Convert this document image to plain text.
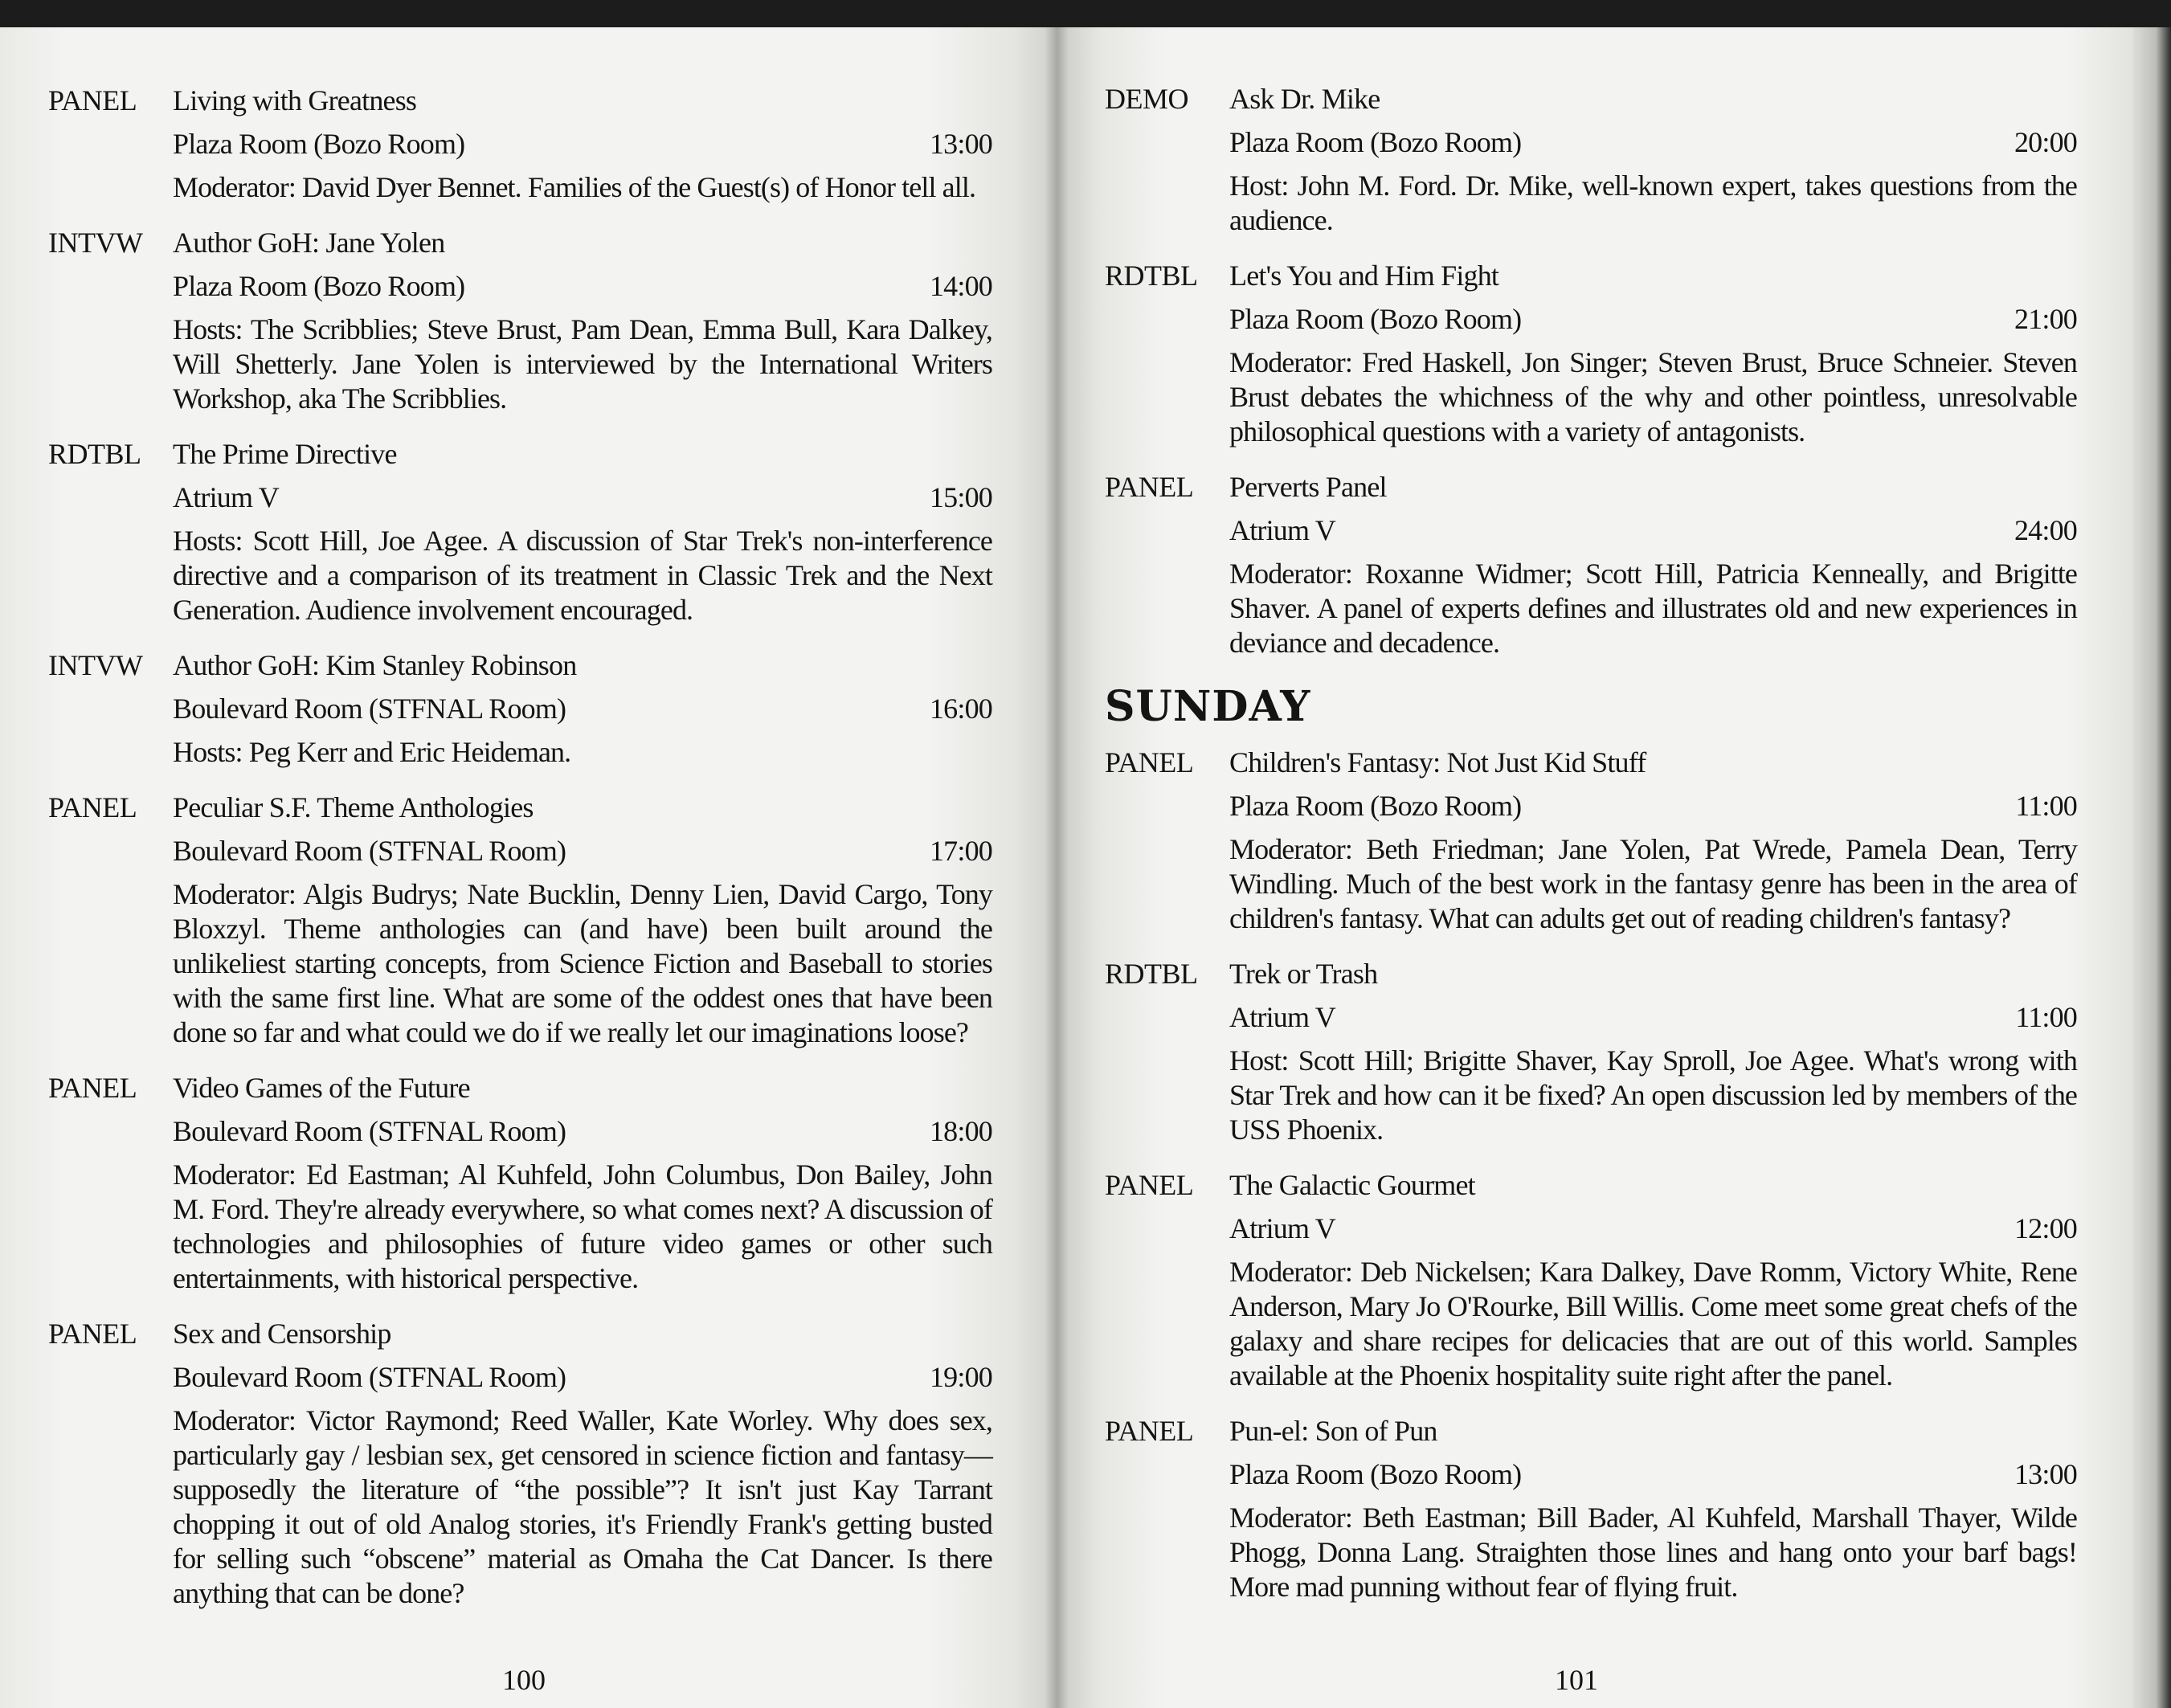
PANEL	Living with Greatness
Plaza Room (Bozo Room)	13:00
Moderator: David Dyer Bennet. Families of the Guest(s) of Honor tell all.
INTVW	Author GoH: Jane Yolen
Plaza Room (Bozo Room)	14:00
Hosts: The Scribblies; Steve Brust, Pam Dean, Emma Bull, Kara Dalkey, Will Shetterly. Jane Yolen is interviewed by the International Writers Workshop, aka The Scribblies.
RDTBL	The Prime Directive
Atrium V	15:00
Hosts: Scott Hill, Joe Agee. A discussion of Star Trek's non-interference directive and a comparison of its treatment in Classic Trek and the Next Generation. Audience involvement encouraged.
INTVW	Author GoH: Kim Stanley Robinson
Boulevard Room (STFNAL Room)	16:00
Hosts: Peg Kerr and Eric Heideman.
PANEL	Peculiar S.F. Theme Anthologies
Boulevard Room (STFNAL Room)	17:00
Moderator: Algis Budrys; Nate Bucklin, Denny Lien, David Cargo, Tony Bloxzyl. Theme anthologies can (and have) been built around the unlikeliest starting concepts, from Science Fiction and Baseball to stories with the same first line. What are some of the oddest ones that have been done so far and what could we do if we really let our imaginations loose?
PANEL	Video Games of the Future
Boulevard Room (STFNAL Room)	18:00
Moderator: Ed Eastman; Al Kuhfeld, John Columbus, Don Bailey, John M. Ford. They're already everywhere, so what comes next? A discussion of technologies and philosophies of future video games or other such entertainments, with historical perspective.
PANEL	Sex and Censorship
Boulevard Room (STFNAL Room)	19:00
Moderator: Victor Raymond; Reed Waller, Kate Worley. Why does sex, particularly gay / lesbian sex, get censored in science fiction and fantasy—supposedly the literature of “the possible”? It isn't just Kay Tarrant chopping it out of old Analog stories, it's Friendly Frank's getting busted for selling such “obscene” material as Omaha the Cat Dancer. Is there anything that can be done?
100
DEMO	Ask Dr. Mike
Plaza Room (Bozo Room)	20:00
Host: John M. Ford. Dr. Mike, well-known expert, takes questions from the audience.
RDTBL	Let's You and Him Fight
Plaza Room (Bozo Room)	21:00
Moderator: Fred Haskell, Jon Singer; Steven Brust, Bruce Schneier. Steven Brust debates the whichness of the why and other pointless, unresolvable philosophical questions with a variety of antagonists.
PANEL	Perverts Panel
Atrium V	24:00
Moderator: Roxanne Widmer; Scott Hill, Patricia Kenneally, and Brigitte Shaver. A panel of experts defines and illustrates old and new experiences in deviance and decadence.
SUNDAY
PANEL	Children's Fantasy: Not Just Kid Stuff
Plaza Room (Bozo Room)	11:00
Moderator: Beth Friedman; Jane Yolen, Pat Wrede, Pamela Dean, Terry Windling. Much of the best work in the fantasy genre has been in the area of children's fantasy. What can adults get out of reading children's fantasy?
RDTBL	Trek or Trash
Atrium V	11:00
Host: Scott Hill; Brigitte Shaver, Kay Sproll, Joe Agee. What's wrong with Star Trek and how can it be fixed? An open discussion led by members of the USS Phoenix.
PANEL	The Galactic Gourmet
Atrium V	12:00
Moderator: Deb Nickelsen; Kara Dalkey, Dave Romm, Victory White, Rene Anderson, Mary Jo O'Rourke, Bill Willis. Come meet some great chefs of the galaxy and share recipes for delicacies that are out of this world. Samples available at the Phoenix hospitality suite right after the panel.
PANEL	Pun-el: Son of Pun
Plaza Room (Bozo Room)	13:00
Moderator: Beth Eastman; Bill Bader, Al Kuhfeld, Marshall Thayer, Wilde Phogg, Donna Lang. Straighten those lines and hang onto your barf bags! More mad punning without fear of flying fruit.
101
